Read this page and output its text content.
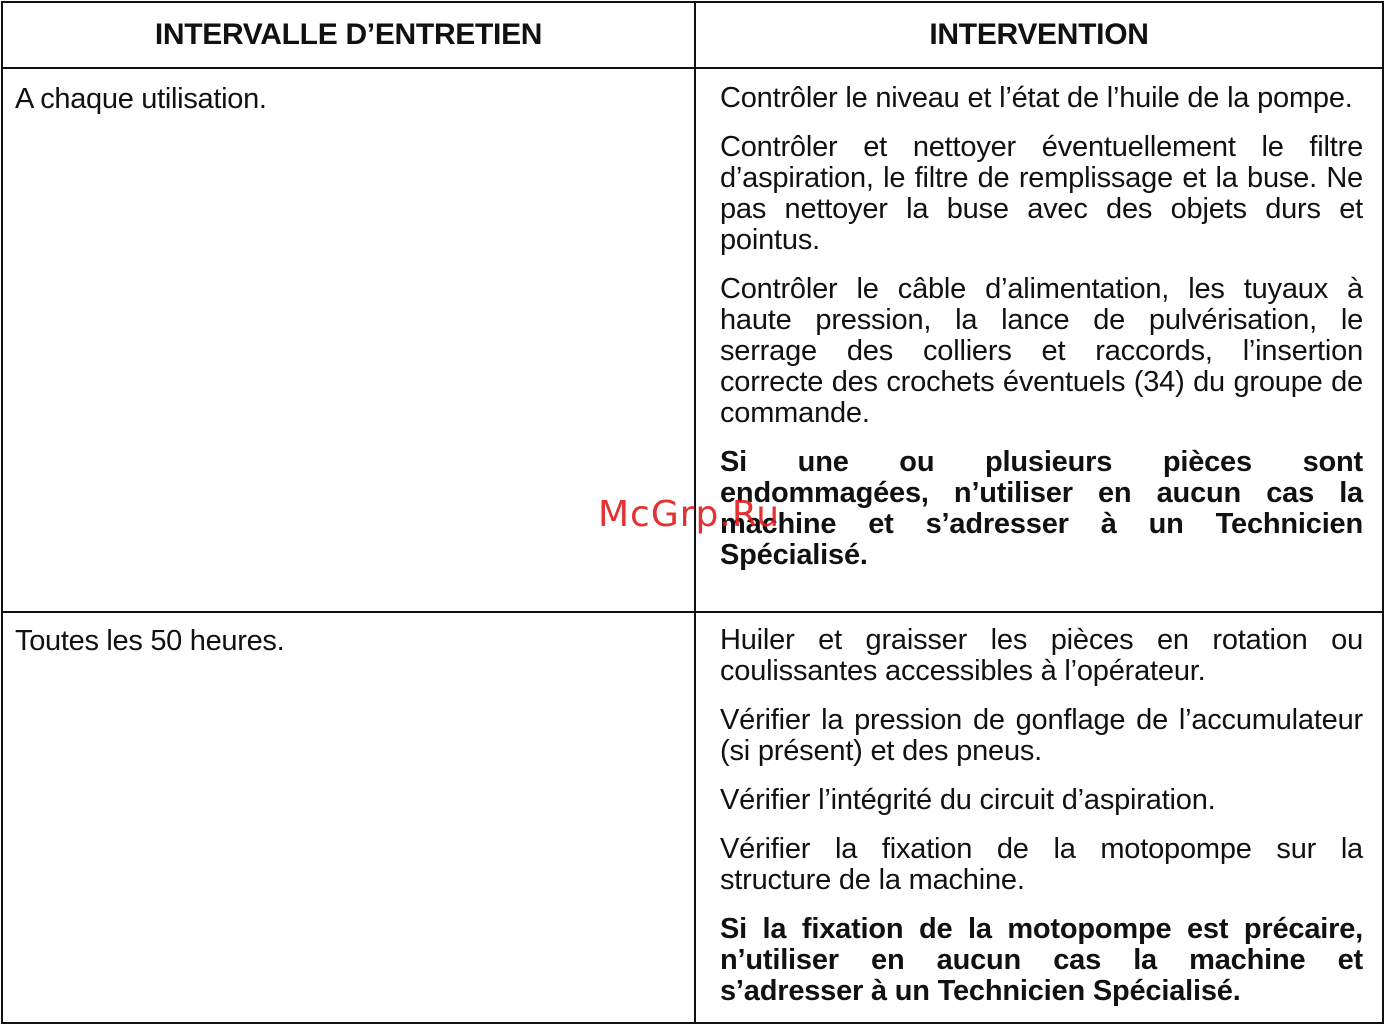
INTERVALLE D’ENTRETIEN	INTERVENTION
A chaque utilisation.	Contrôler le niveau et l’état de l’huile de la pompe.

Contrôler et nettoyer éventuellement le filtre d’aspiration, le filtre de remplissage et la buse. Ne pas nettoyer la buse avec des objets durs et pointus.

Contrôler le câble d’alimentation, les tuyaux à haute pression, la lance de pulvérisation, le serrage des colliers et raccords, l’insertion correcte des crochets éventuels (34) du groupe de commande.

Si une ou plusieurs pièces sont endommagées, n’utiliser en aucun cas la machine et s’adresser à un Technicien Spécialisé.

Toutes les 50 heures.	Huiler et graisser les pièces en rotation ou coulissantes accessibles à l’opérateur.

Vérifier la pression de gonflage de l’accumulateur (si présent) et des pneus.

Vérifier l’intégrité du circuit d’aspiration.

Vérifier la fixation de la motopompe sur la structure de la machine.

Si la fixation de la motopompe est précaire, n’utiliser en aucun cas la machine et s’adresser à un Technicien Spécialisé.

McGrp.Ru
